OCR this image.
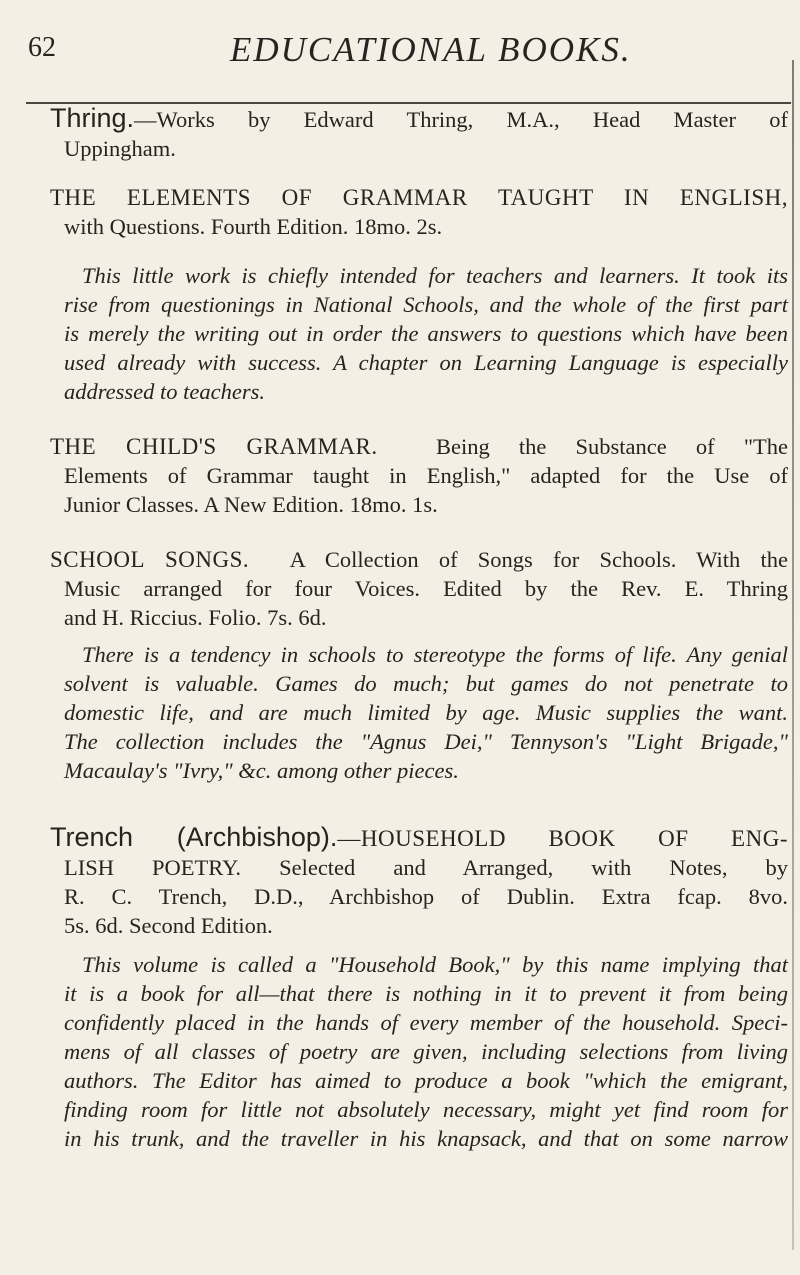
62	EDUCATIONAL BOOKS.
Thring.—Works by Edward Thring, M.A., Head Master of
Uppingham.
THE ELEMENTS OF GRAMMAR TAUGHT IN ENGLISH,
with Questions. Fourth Edition. 18mo. 2s.
This little work is chiefly intended for teachers and learners. It took its
rise from questionings in National Schools, and the whole of the first part
is merely the writing out in order the answers to questions which have been
used already with success. A chapter on Learning Language is especially
addressed to teachers.
THE CHILD'S GRAMMAR.	Being the Substance of "The
Elements of Grammar taught in English," adapted for the Use of
Junior Classes. A New Edition. 18mo. 1s.
SCHOOL SONGS. A Collection of Songs for Schools. With the
Music arranged for four Voices. Edited by the Rev. E. Thring
and H. Riccius. Folio. 7s. 6d.
There is a tendency in schools to stereotype the forms of life. Any genial
solvent is valuable. Games do much; but games do not penetrate to
domestic life, and are much limited by age. Music supplies the want.
The collection includes the "Agnus Dei," Tennyson's "Light Brigade,"
Macaulay's "Ivry," &c. among other pieces.
Trench (Archbishop).—HOUSEHOLD BOOK OF ENG-
LISH POETRY. Selected and Arranged, with Notes, by
R. C. Trench, D.D., Archbishop of Dublin. Extra fcap. 8vo.
5s. 6d. Second Edition.
This volume is called a "Household Book," by this name implying that
it is a book for all—that there is nothing in it to prevent it from being
confidently placed in the hands of every member of the household. Speci-
mens of all classes of poetry are given, including selections from living
authors. The Editor has aimed to produce a book "which the emigrant,
finding room for little not absolutely necessary, might yet find room for
in his trunk, and the traveller in his knapsack, and that on some narrow
